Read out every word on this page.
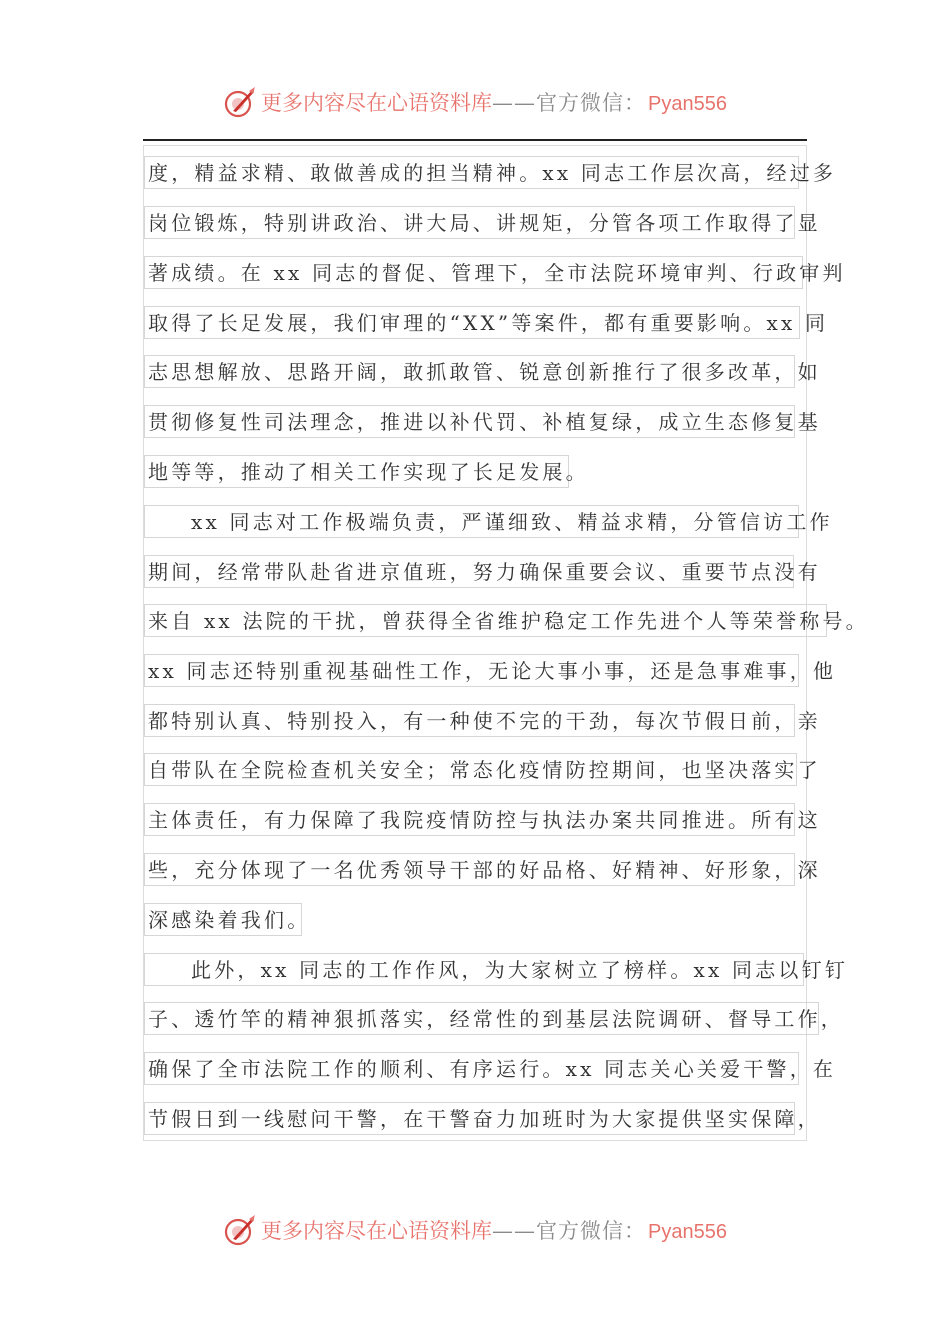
更多内容尽在心语资料库 —— 官方微信： Pyan556
度，精益求精、敢做善成的担当精神。xx 同志工作层次高，经过多
岗位锻炼，特别讲政治、讲大局、讲规矩，分管各项工作取得了显
著成绩。在 xx 同志的督促、管理下，全市法院环境审判、行政审判
取得了长足发展，我们审理的“XX”等案件，都有重要影响。xx 同
志思想解放、思路开阔，敢抓敢管、锐意创新推行了很多改革，如
贯彻修复性司法理念，推进以补代罚、补植复绿，成立生态修复基
地等等，推动了相关工作实现了长足发展。
xx 同志对工作极端负责，严谨细致、精益求精，分管信访工作
期间，经常带队赴省进京值班，努力确保重要会议、重要节点没有
来自 xx 法院的干扰，曾获得全省维护稳定工作先进个人等荣誉称号。
xx 同志还特别重视基础性工作，无论大事小事，还是急事难事，他
都特别认真、特别投入，有一种使不完的干劲，每次节假日前，亲
自带队在全院检查机关安全；常态化疫情防控期间，也坚决落实了
主体责任，有力保障了我院疫情防控与执法办案共同推进。所有这
些，充分体现了一名优秀领导干部的好品格、好精神、好形象，深
深感染着我们。
此外，xx 同志的工作作风，为大家树立了榜样。xx 同志以钉钉
子、透竹竿的精神狠抓落实，经常性的到基层法院调研、督导工作，
确保了全市法院工作的顺利、有序运行。xx 同志关心关爱干警，在
节假日到一线慰问干警，在干警奋力加班时为大家提供坚实保障，
更多内容尽在心语资料库 —— 官方微信： Pyan556
